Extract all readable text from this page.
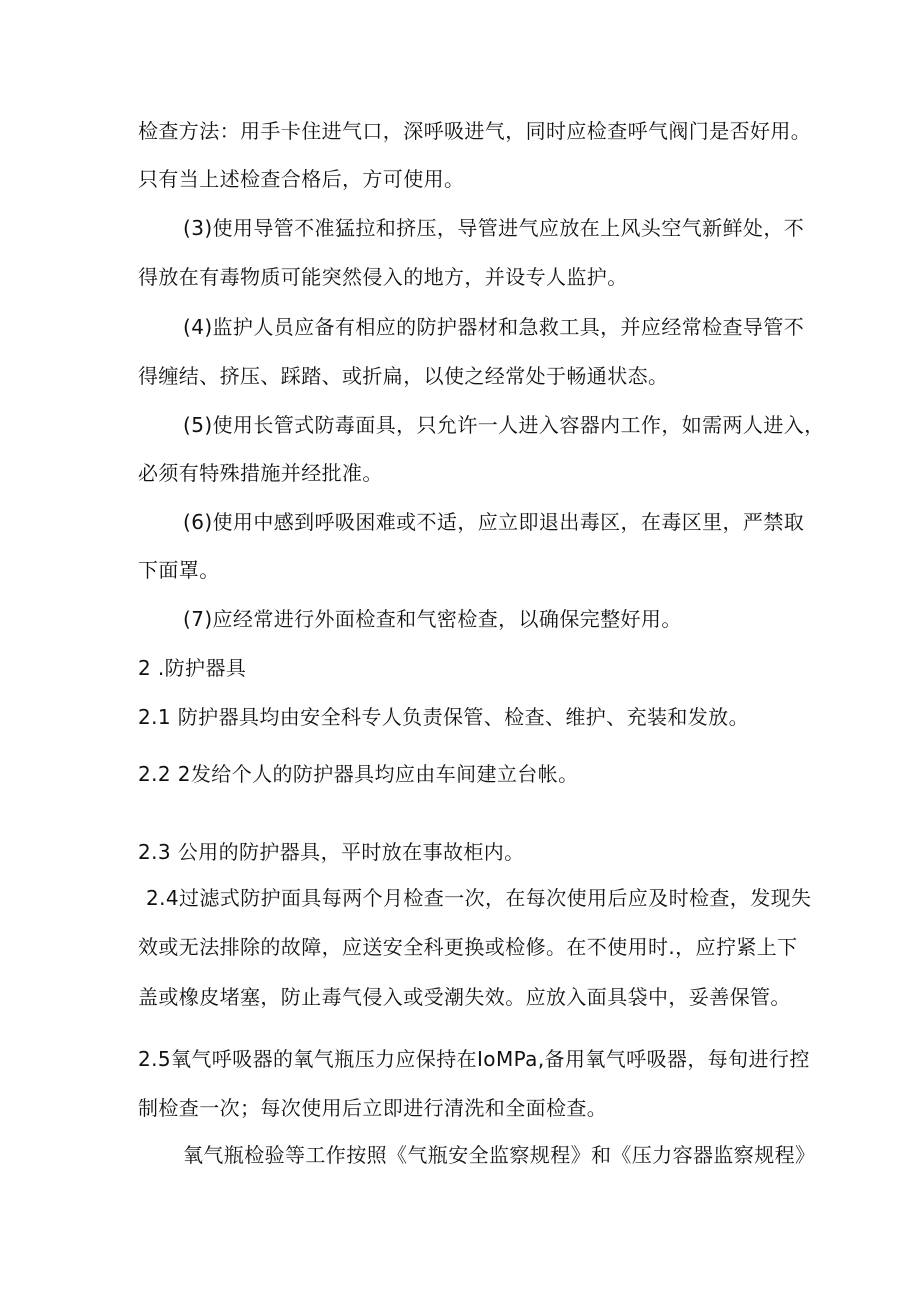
检查方法：用手卡住进气口，深呼吸进气，同时应检查呼气阀门是否好用。
只有当上述检查合格后，方可使用。
(3)使用导管不准猛拉和挤压，导管进气应放在上风头空气新鲜处，不
得放在有毒物质可能突然侵入的地方，并设专人监护。
(4)监护人员应备有相应的防护器材和急救工具，并应经常检查导管不
得缠结、挤压、踩踏、或折扁，以使之经常处于畅通状态。
(5)使用长管式防毒面具，只允许一人进入容器内工作，如需两人进入，
必须有特殊措施并经批准。
(6)使用中感到呼吸困难或不适，应立即退出毒区，在毒区里，严禁取
下面罩。
(7)应经常进行外面检查和气密检查，以确保完整好用。
2 .防护器具
2.1 防护器具均由安全科专人负责保管、检查、维护、充装和发放。
2.2 2发给个人的防护器具均应由车间建立台帐。
2.3 公用的防护器具，平时放在事故柜内。
2.4过滤式防护面具每两个月检查一次，在每次使用后应及时检查，发现失
效或无法排除的故障，应送安全科更换或检修。在不使用时.，应拧紧上下
盖或橡皮堵塞，防止毒气侵入或受潮失效。应放入面具袋中，妥善保管。
2.5氧气呼吸器的氧气瓶压力应保持在IoMPa,备用氧气呼吸器，每旬进行控
制检查一次；每次使用后立即进行清洗和全面检查。
氧气瓶检验等工作按照《气瓶安全监察规程》和《压力容器监察规程》
